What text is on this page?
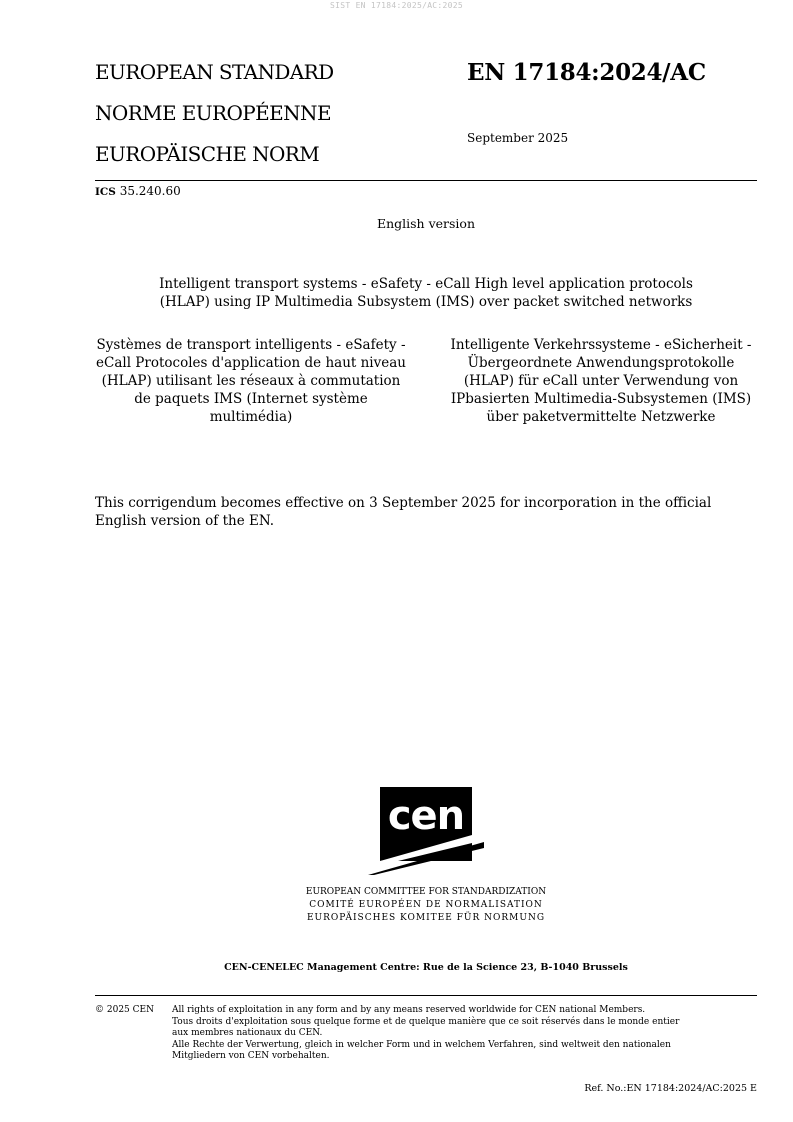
SIST EN 17184:2025/AC:2025
EUROPEAN STANDARD
NORME EUROPÉENNE
EUROPÄISCHE NORM
EN 17184:2024/AC
September 2025
ICS 35.240.60
English version
Intelligent transport systems - eSafety - eCall High level application protocols
(HLAP) using IP Multimedia Subsystem (IMS) over packet switched networks
Systèmes de transport intelligents - eSafety -
eCall Protocoles d'application de haut niveau
(HLAP) utilisant les réseaux à commutation
de paquets IMS (Internet système
multimédia)
Intelligente Verkehrssysteme - eSicherheit -
Übergeordnete Anwendungsprotokolle
(HLAP) für eCall unter Verwendung von
IPbasierten Multimedia-Subsystemen (IMS)
über paketvermittelte Netzwerke
This corrigendum becomes effective on 3 September 2025 for incorporation in the official
English version of the EN.
cen
EUROPEAN COMMITTEE FOR STANDARDIZATION
COMITÉ EUROPÉEN DE NORMALISATION
EUROPÄISCHES KOMITEE FÜR NORMUNG
CEN-CENELEC Management Centre: Rue de la Science 23, B-1040 Brussels
© 2025 CEN All rights of exploitation in any form and by any means reserved worldwide for CEN national Members.
Tous droits d'exploitation sous quelque forme et de quelque manière que ce soit réservés dans le monde entier
aux membres nationaux du CEN.
Alle Rechte der Verwertung, gleich in welcher Form und in welchem Verfahren, sind weltweit den nationalen
Mitgliedern von CEN vorbehalten.
Ref. No.:EN 17184:2024/AC:2025 E
